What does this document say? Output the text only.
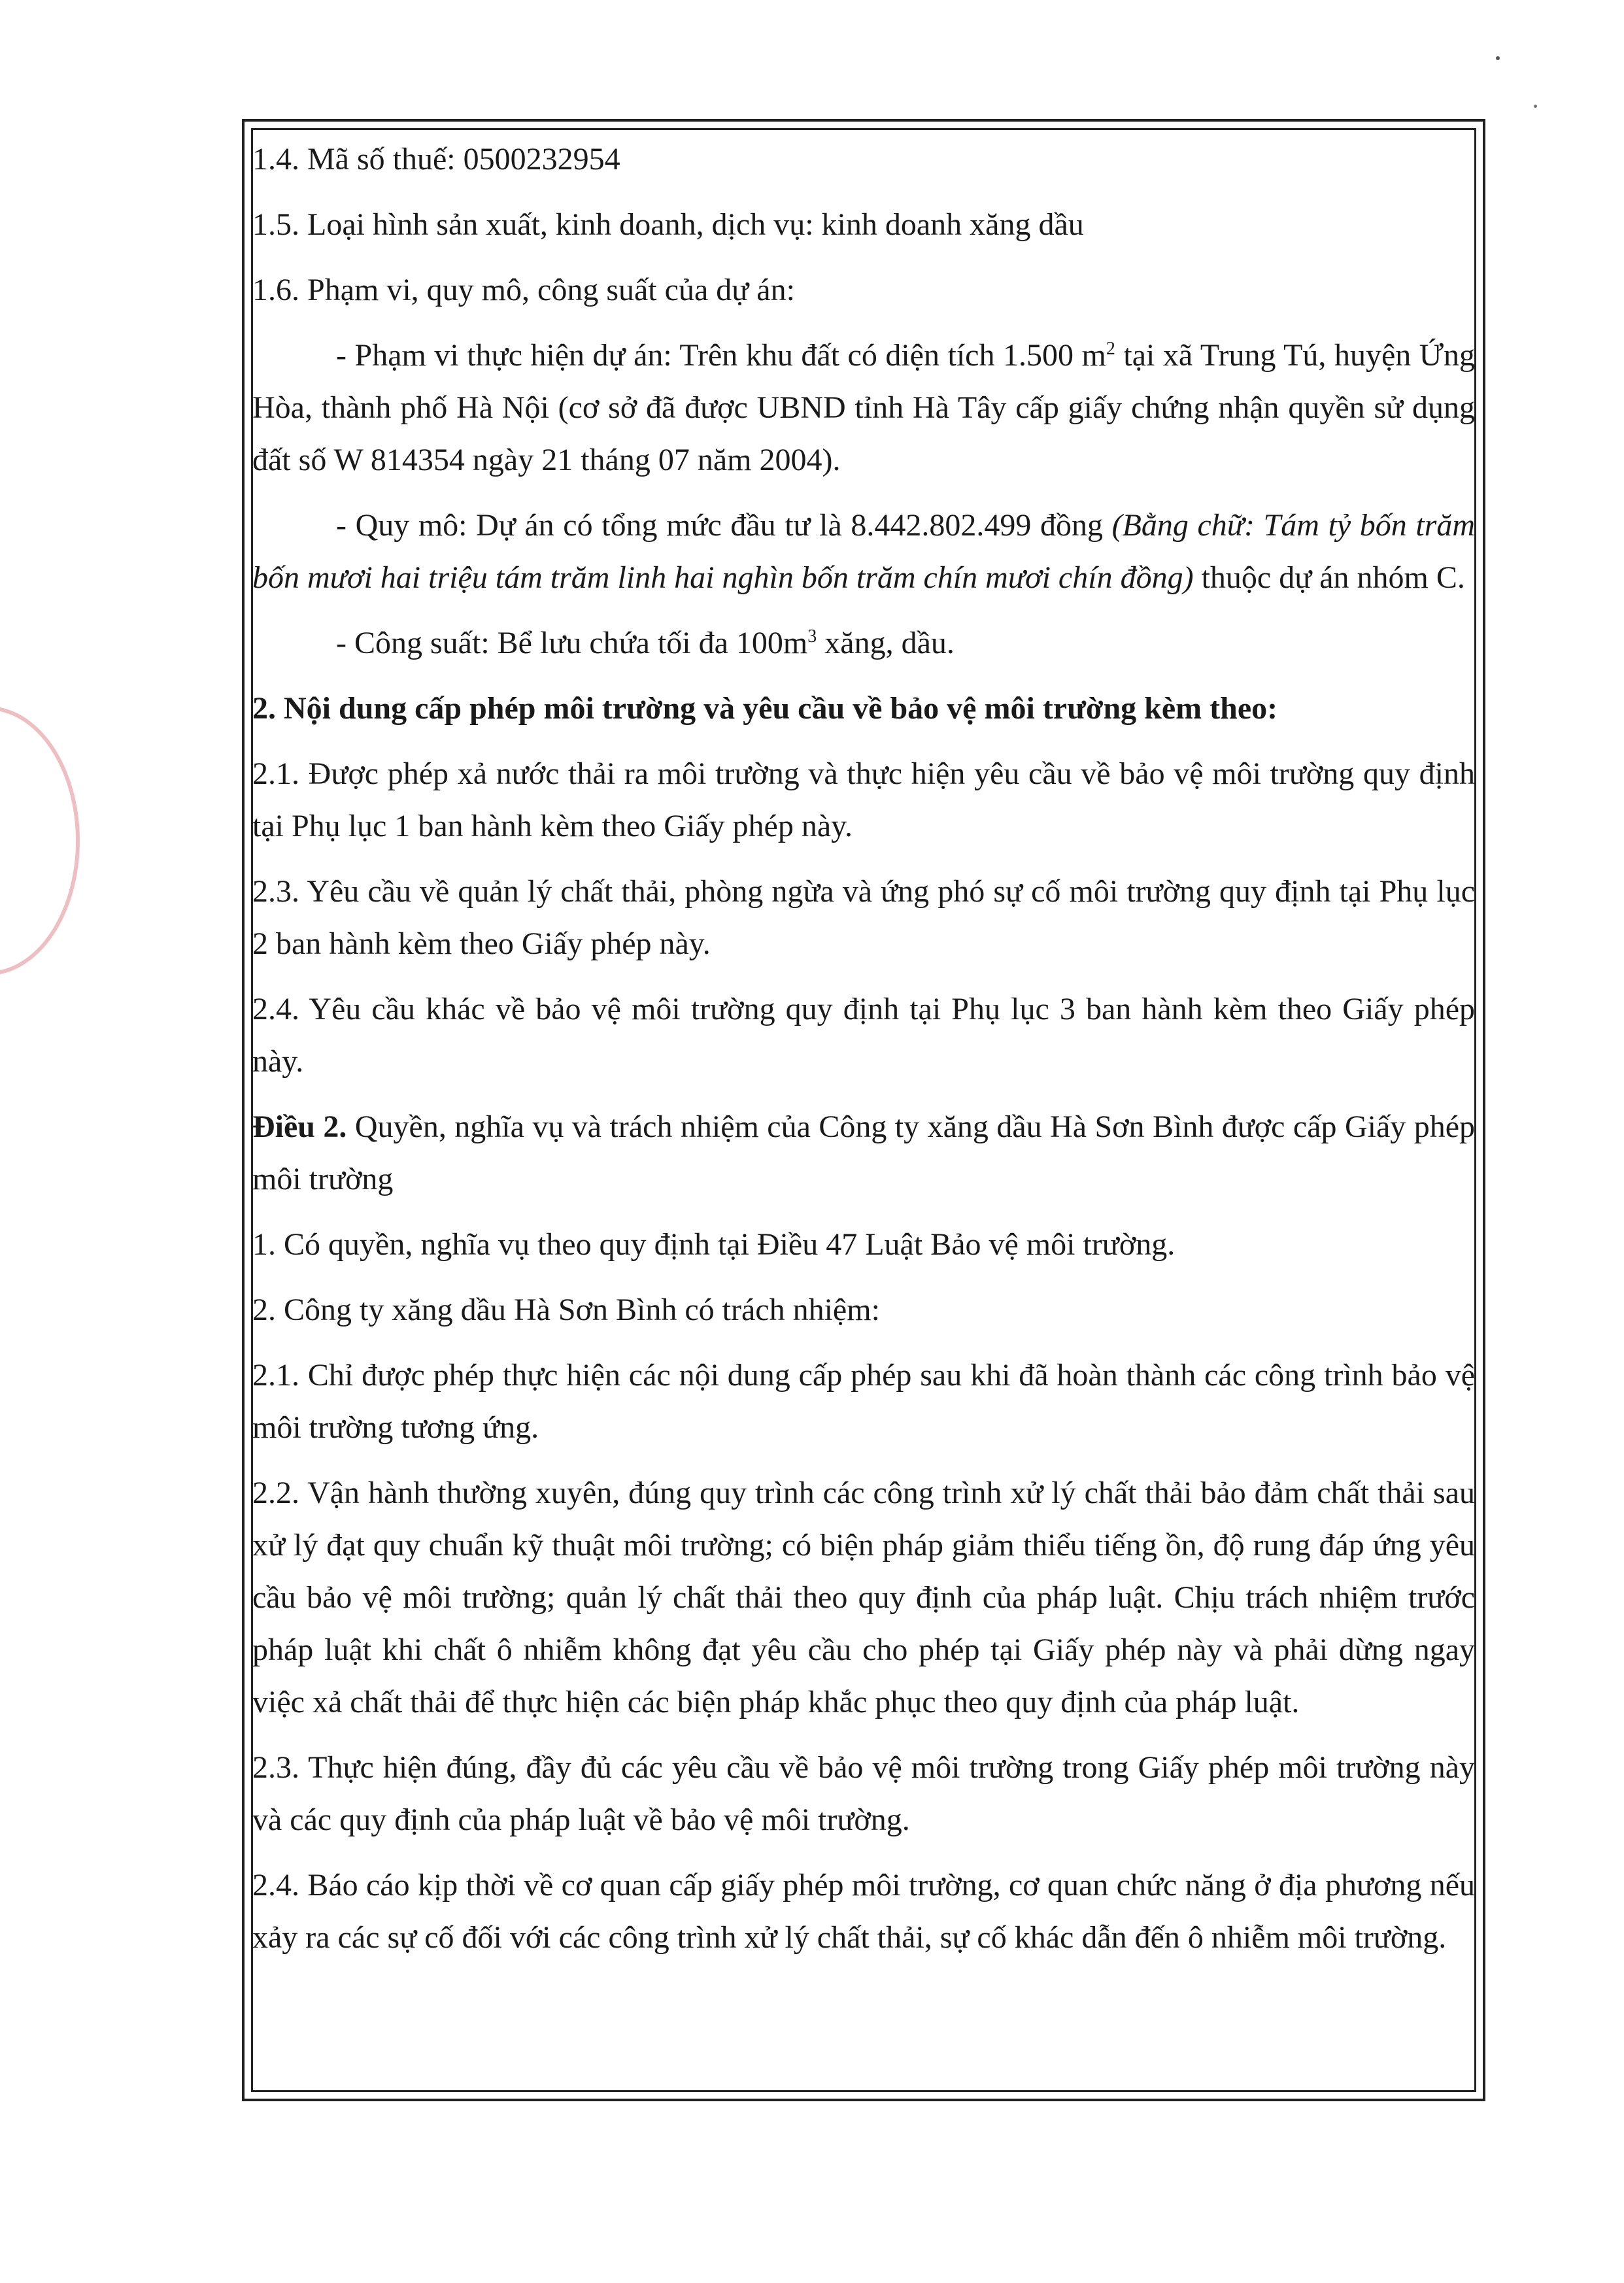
1.4. Mã số thuế: 0500232954

1.5. Loại hình sản xuất, kinh doanh, dịch vụ: kinh doanh xăng dầu

1.6. Phạm vi, quy mô, công suất của dự án:

- Phạm vi thực hiện dự án: Trên khu đất có diện tích 1.500 $m^2$ tại xã Trung Tú, huyện Ứng Hòa, thành phố Hà Nội (cơ sở đã được UBND tỉnh Hà Tây cấp giấy chứng nhận quyền sử dụng đất số W 814354 ngày 21 tháng 07 năm 2004).

- Quy mô: Dự án có tổng mức đầu tư là 8.442.802.499 đồng (Bằng chữ: Tám tỷ bốn trăm bốn mươi hai triệu tám trăm linh hai nghìn bốn trăm chín mươi chín đồng) thuộc dự án nhóm C.

- Công suất: Bể lưu chứa tối đa $100m^3$ xăng, dầu.

2. Nội dung cấp phép môi trường và yêu cầu về bảo vệ môi trường kèm theo:

2.1. Được phép xả nước thải ra môi trường và thực hiện yêu cầu về bảo vệ môi trường quy định tại Phụ lục 1 ban hành kèm theo Giấy phép này.

2.3. Yêu cầu về quản lý chất thải, phòng ngừa và ứng phó sự cố môi trường quy định tại Phụ lục 2 ban hành kèm theo Giấy phép này.

2.4. Yêu cầu khác về bảo vệ môi trường quy định tại Phụ lục 3 ban hành kèm theo Giấy phép này.

Điều 2. Quyền, nghĩa vụ và trách nhiệm của Công ty xăng dầu Hà Sơn Bình được cấp Giấy phép môi trường

1. Có quyền, nghĩa vụ theo quy định tại Điều 47 Luật Bảo vệ môi trường.

2. Công ty xăng dầu Hà Sơn Bình có trách nhiệm:

2.1. Chỉ được phép thực hiện các nội dung cấp phép sau khi đã hoàn thành các công trình bảo vệ môi trường tương ứng.

2.2. Vận hành thường xuyên, đúng quy trình các công trình xử lý chất thải bảo đảm chất thải sau xử lý đạt quy chuẩn kỹ thuật môi trường; có biện pháp giảm thiểu tiếng ồn, độ rung đáp ứng yêu cầu bảo vệ môi trường; quản lý chất thải theo quy định của pháp luật. Chịu trách nhiệm trước pháp luật khi chất ô nhiễm không đạt yêu cầu cho phép tại Giấy phép này và phải dừng ngay việc xả chất thải để thực hiện các biện pháp khắc phục theo quy định của pháp luật.

2.3. Thực hiện đúng, đầy đủ các yêu cầu về bảo vệ môi trường trong Giấy phép môi trường này và các quy định của pháp luật về bảo vệ môi trường.

2.4. Báo cáo kịp thời về cơ quan cấp giấy phép môi trường, cơ quan chức năng ở địa phương nếu xảy ra các sự cố đối với các công trình xử lý chất thải, sự cố khác dẫn đến ô nhiễm môi trường.
